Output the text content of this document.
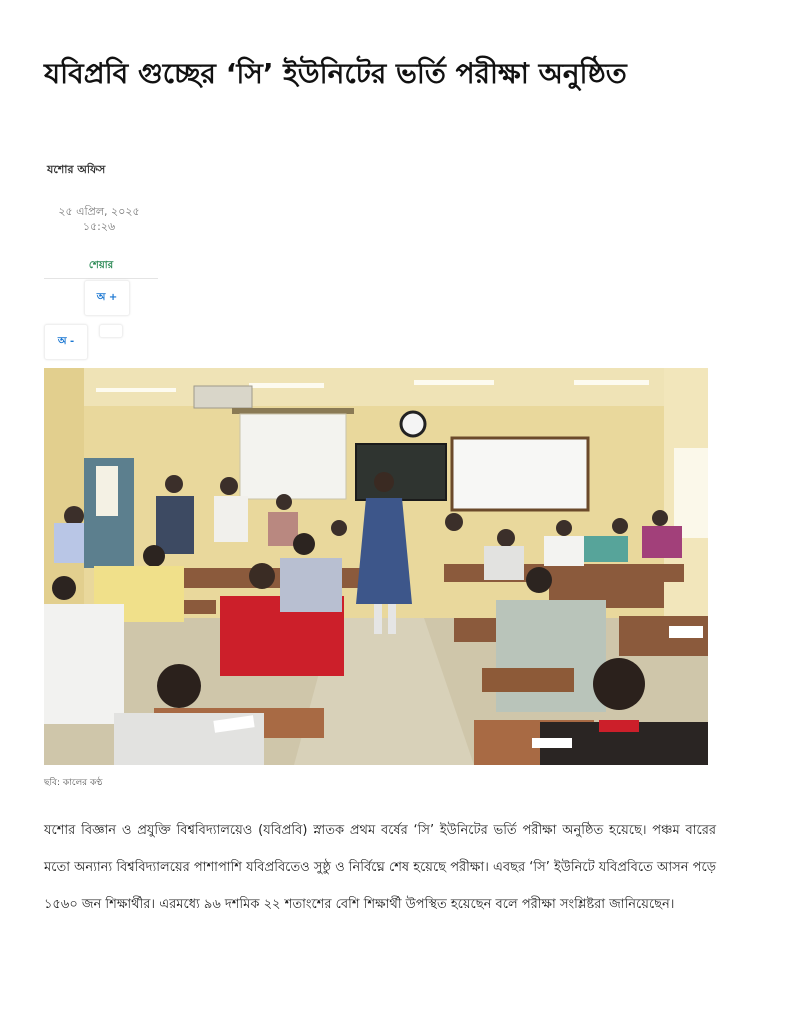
যবিপ্রবি গুচ্ছের ‘সি’ ইউনিটের ভর্তি পরীক্ষা অনুষ্ঠিত
যশোর অফিস
২৫ এপ্রিল, ২০২৫
১৫:২৬
শেয়ার
অ +
অ -
ছবি: কালের কণ্ঠ

যশোর বিজ্ঞান ও প্রযুক্তি বিশ্ববিদ্যালয়েও (যবিপ্রবি) স্নাতক প্রথম বর্ষের ‘সি’ ইউনিটের ভর্তি পরীক্ষা অনুষ্ঠিত হয়েছে। পঞ্চম বারের মতো অন্যান্য বিশ্ববিদ্যালয়ের পাশাপাশি যবিপ্রবিতেও সুষ্ঠু ও নির্বিঘ্নে শেষ হয়েছে পরীক্ষা। এবছর ‘সি’ ইউনিটে যবিপ্রবিতে আসন পড়ে ১৫৬০ জন শিক্ষার্থীর। এরমধ্যে ৯৬ দশমিক ২২ শতাংশের বেশি শিক্ষার্থী উপস্থিত হয়েছেন বলে পরীক্ষা সংশ্লিষ্টরা জানিয়েছেন।
